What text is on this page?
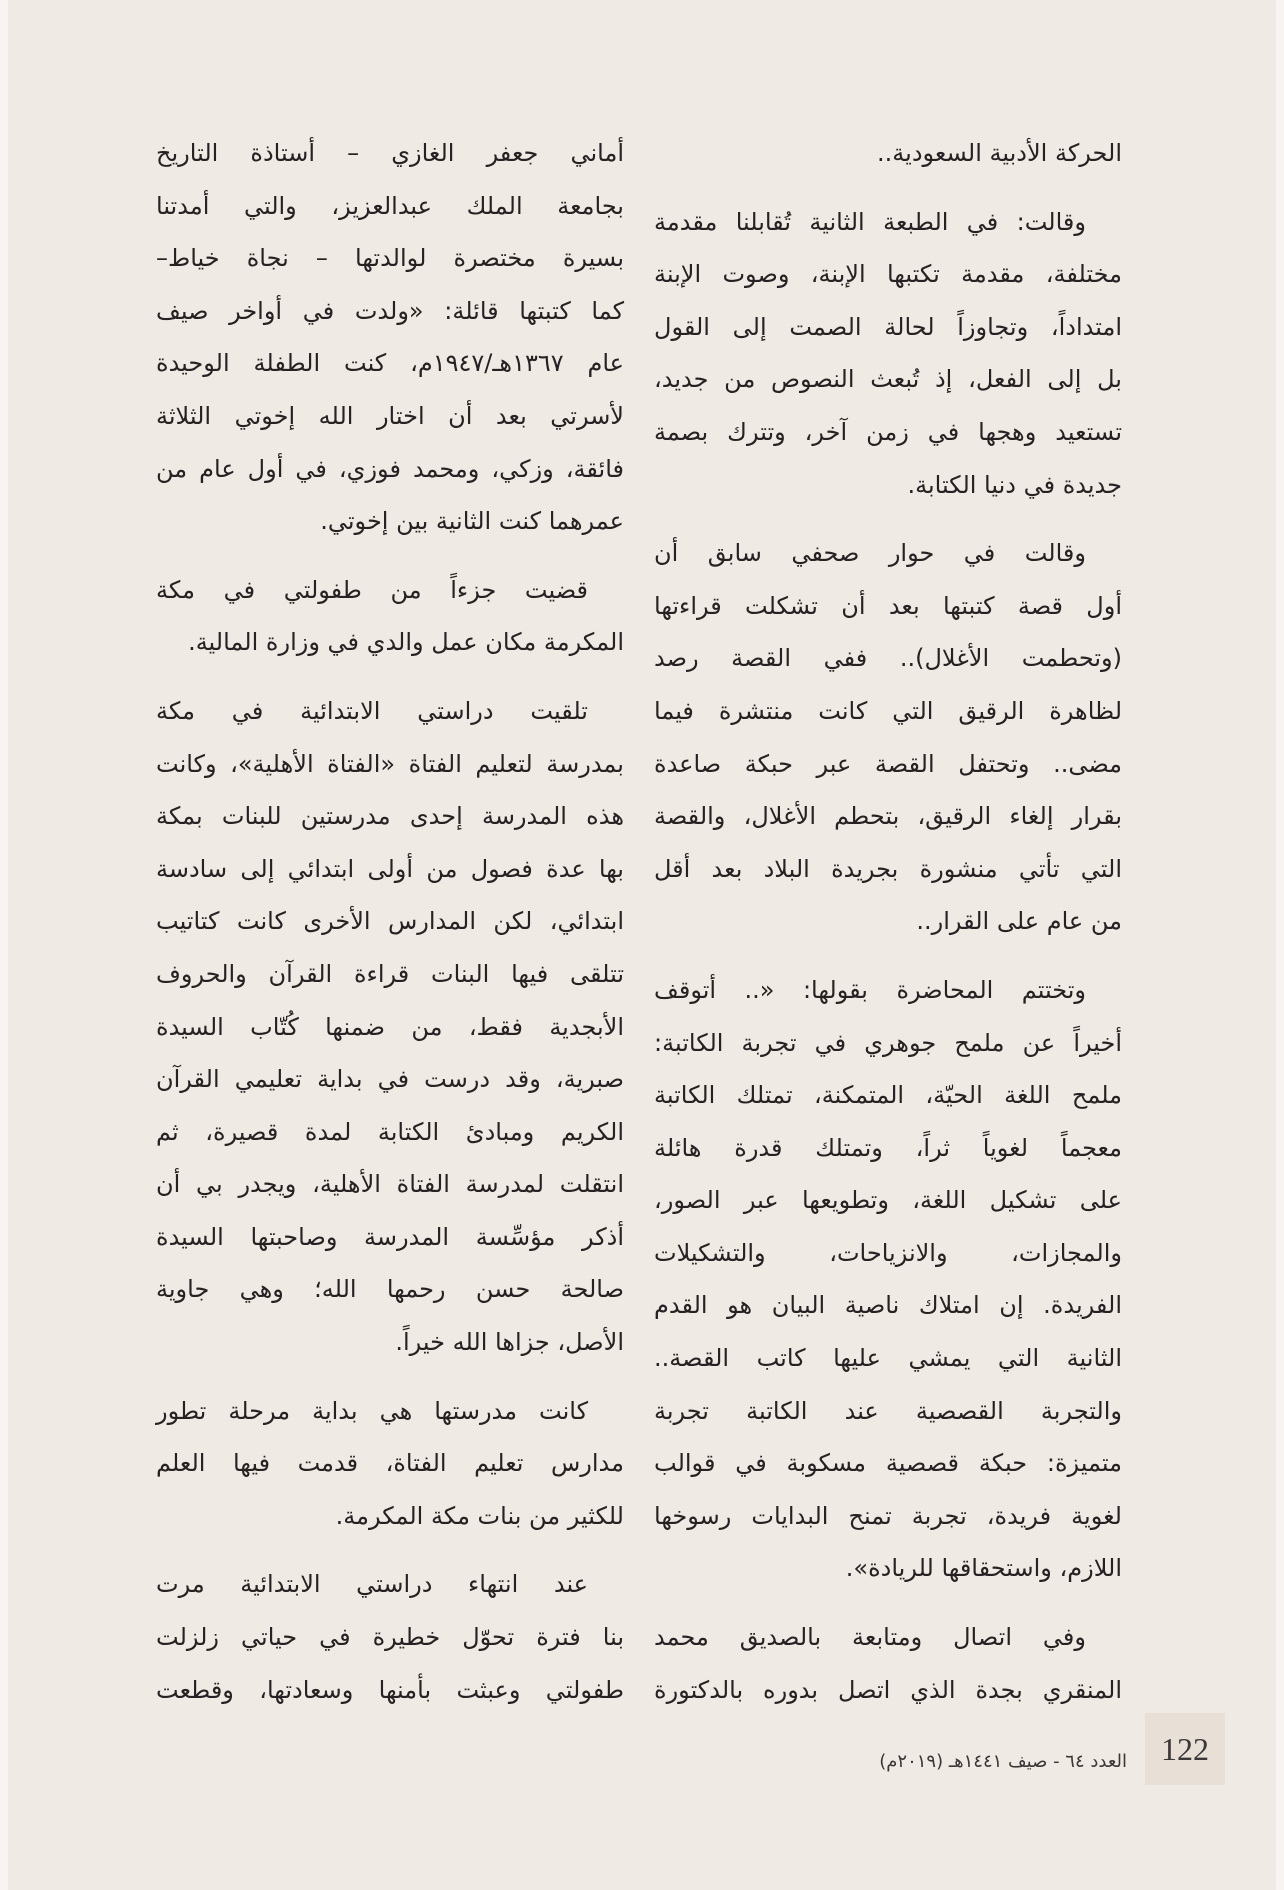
الحركة الأدبية السعودية..
وقالت: في الطبعة الثانية تُقابلنا مقدمة
مختلفة، مقدمة تكتبها الإبنة، وصوت الإبنة
امتداداً، وتجاوزاً لحالة الصمت إلى القول
بل إلى الفعل، إذ تُبعث النصوص من جديد،
تستعيد وهجها في زمن آخر، وتترك بصمة
جديدة في دنيا الكتابة.
وقالت في حوار صحفي سابق أن
أول قصة كتبتها بعد أن تشكلت قراءتها
(وتحطمت الأغلال).. ففي القصة رصد
لظاهرة الرقيق التي كانت منتشرة فيما
مضى.. وتحتفل القصة عبر حبكة صاعدة
بقرار إلغاء الرقيق، بتحطم الأغلال، والقصة
التي تأتي منشورة بجريدة البلاد بعد أقل
من عام على القرار..
وتختتم المحاضرة بقولها: «.. أتوقف
أخيراً عن ملمح جوهري في تجربة الكاتبة:
ملمح اللغة الحيّة، المتمكنة، تمتلك الكاتبة
معجماً لغوياً ثراً، وتمتلك قدرة هائلة
على تشكيل اللغة، وتطويعها عبر الصور،
والمجازات، والانزياحات، والتشكيلات
الفريدة. إن امتلاك ناصية البيان هو القدم
الثانية التي يمشي عليها كاتب القصة..
والتجربة القصصية عند الكاتبة تجربة
متميزة: حبكة قصصية مسكوبة في قوالب
لغوية فريدة، تجربة تمنح البدايات رسوخها
اللازم، واستحقاقها للريادة».
وفي اتصال ومتابعة بالصديق محمد
المنقري بجدة الذي اتصل بدوره بالدكتورة
أماني جعفر الغازي – أستاذة التاريخ
بجامعة الملك عبدالعزيز، والتي أمدتنا
بسيرة مختصرة لوالدتها – نجاة خياط–
كما كتبتها قائلة: «ولدت في أواخر صيف
عام ١٣٦٧هـ/١٩٤٧م، كنت الطفلة الوحيدة
لأسرتي بعد أن اختار الله إخوتي الثلاثة
فائقة، وزكي، ومحمد فوزي، في أول عام من
عمرهما كنت الثانية بين إخوتي.
قضيت جزءاً من طفولتي في مكة
المكرمة مكان عمل والدي في وزارة المالية.
تلقيت دراستي الابتدائية في مكة
بمدرسة لتعليم الفتاة «الفتاة الأهلية»، وكانت
هذه المدرسة إحدى مدرستين للبنات بمكة
بها عدة فصول من أولى ابتدائي إلى سادسة
ابتدائي، لكن المدارس الأخرى كانت كتاتيب
تتلقى فيها البنات قراءة القرآن والحروف
الأبجدية فقط، من ضمنها كُتّاب السيدة
صبرية، وقد درست في بداية تعليمي القرآن
الكريم ومبادئ الكتابة لمدة قصيرة، ثم
انتقلت لمدرسة الفتاة الأهلية، ويجدر بي أن
أذكر مؤسِّسة المدرسة وصاحبتها السيدة
صالحة حسن رحمها الله؛ وهي جاوية
الأصل، جزاها الله خيراً.
كانت مدرستها هي بداية مرحلة تطور
مدارس تعليم الفتاة، قدمت فيها العلم
للكثير من بنات مكة المكرمة.
عند انتهاء دراستي الابتدائية مرت
بنا فترة تحوّل خطيرة في حياتي زلزلت
طفولتي وعبثت بأمنها وسعادتها، وقطعت
122
العدد ٦٤ - صيف ١٤٤١هـ (٢٠١٩م)
